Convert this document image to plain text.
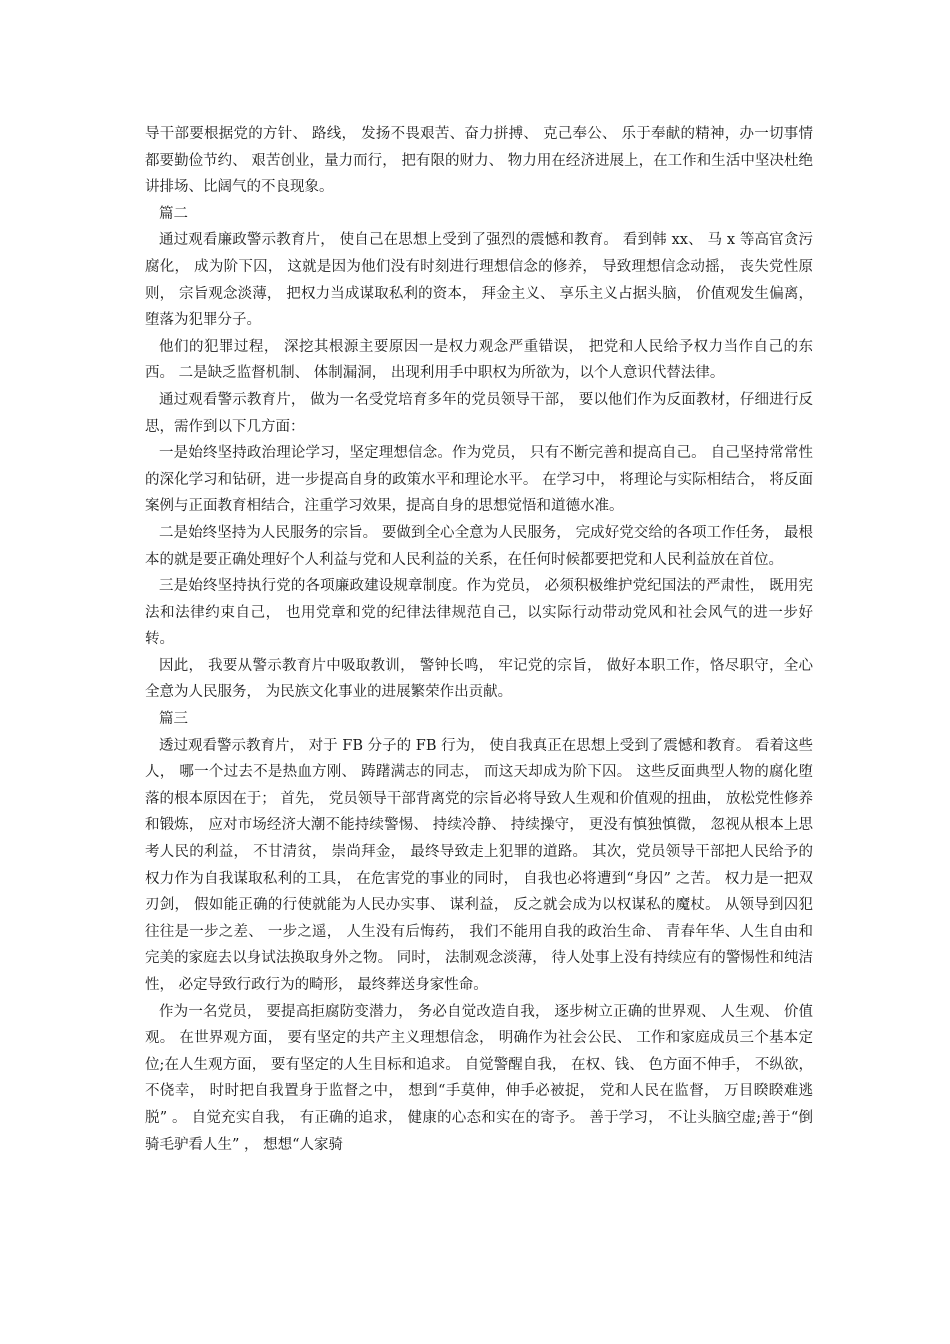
导干部要根据党的方针、 路线， 发扬不畏艰苦、奋力拼搏、 克己奉公、 乐于奉献的精神，办一切事情都要勤俭节约、 艰苦创业，量力而行， 把有限的财力、 物力用在经济进展上，在工作和生活中坚决杜绝讲排场、比阔气的不良现象。

篇二

通过观看廉政警示教育片， 使自己在思想上受到了强烈的震憾和教育。 看到韩 xx、 马 x 等高官贪污腐化， 成为阶下囚， 这就是因为他们没有时刻进行理想信念的修养， 导致理想信念动摇， 丧失党性原则， 宗旨观念淡薄， 把权力当成谋取私利的资本， 拜金主义、 享乐主义占据头脑， 价值观发生偏离， 堕落为犯罪分子。

他们的犯罪过程， 深挖其根源主要原因一是权力观念严重错误， 把党和人民给予权力当作自己的东西。 二是缺乏监督机制、 体制漏洞， 出现利用手中职权为所欲为，以个人意识代替法律。

通过观看警示教育片， 做为一名受党培育多年的党员领导干部， 要以他们作为反面教材，仔细进行反思，需作到以下几方面：

一是始终坚持政治理论学习，坚定理想信念。作为党员， 只有不断完善和提高自己。 自己坚持常常性的深化学习和钻研，进一步提高自身的政策水平和理论水平。 在学习中， 将理论与实际相结合， 将反面案例与正面教育相结合，注重学习效果，提高自身的思想觉悟和道德水准。

二是始终坚持为人民服务的宗旨。 要做到全心全意为人民服务， 完成好党交给的各项工作任务， 最根本的就是要正确处理好个人利益与党和人民利益的关系，在任何时候都要把党和人民利益放在首位。

三是始终坚持执行党的各项廉政建设规章制度。作为党员， 必须积极维护党纪国法的严肃性， 既用宪法和法律约束自己， 也用党章和党的纪律法律规范自己，以实际行动带动党风和社会风气的进一步好转。

因此， 我要从警示教育片中吸取教训， 警钟长鸣， 牢记党的宗旨， 做好本职工作，恪尽职守，全心全意为人民服务， 为民族文化事业的进展繁荣作出贡献。

篇三

透过观看警示教育片， 对于 FB 分子的 FB 行为， 使自我真正在思想上受到了震憾和教育。 看着这些人， 哪一个过去不是热血方刚、 踌躇满志的同志， 而这天却成为阶下囚。 这些反面典型人物的腐化堕落的根本原因在于； 首先， 党员领导干部背离党的宗旨必将导致人生观和价值观的扭曲， 放松党性修养和锻炼， 应对市场经济大潮不能持续警惕、 持续冷静、 持续操守， 更没有慎独慎微， 忽视从根本上思考人民的利益， 不甘清贫， 崇尚拜金， 最终导致走上犯罪的道路。 其次，党员领导干部把人民给予的权力作为自我谋取私利的工具， 在危害党的事业的同时， 自我也必将遭到“身囚” 之苦。 权力是一把双刃剑， 假如能正确的行使就能为人民办实事、 谋利益， 反之就会成为以权谋私的魔杖。 从领导到囚犯往往是一步之差、 一步之遥， 人生没有后悔药， 我们不能用自我的政治生命、 青春年华、人生自由和完美的家庭去以身试法换取身外之物。 同时， 法制观念淡薄， 待人处事上没有持续应有的警惕性和纯洁性， 必定导致行政行为的畸形， 最终葬送身家性命。

作为一名党员， 要提高拒腐防变潜力， 务必自觉改造自我， 逐步树立正确的世界观、 人生观、 价值观。 在世界观方面， 要有坚定的共产主义理想信念， 明确作为社会公民、 工作和家庭成员三个基本定位;在人生观方面， 要有坚定的人生目标和追求。 自觉警醒自我， 在权、钱、 色方面不伸手， 不纵欲， 不侥幸， 时时把自我置身于监督之中， 想到“手莫伸，伸手必被捉， 党和人民在监督， 万目睽睽难逃脱” 。 自觉充实自我， 有正确的追求， 健康的心态和实在的寄予。 善于学习， 不让头脑空虚;善于“倒骑毛驴看人生” ， 想想“人家骑
